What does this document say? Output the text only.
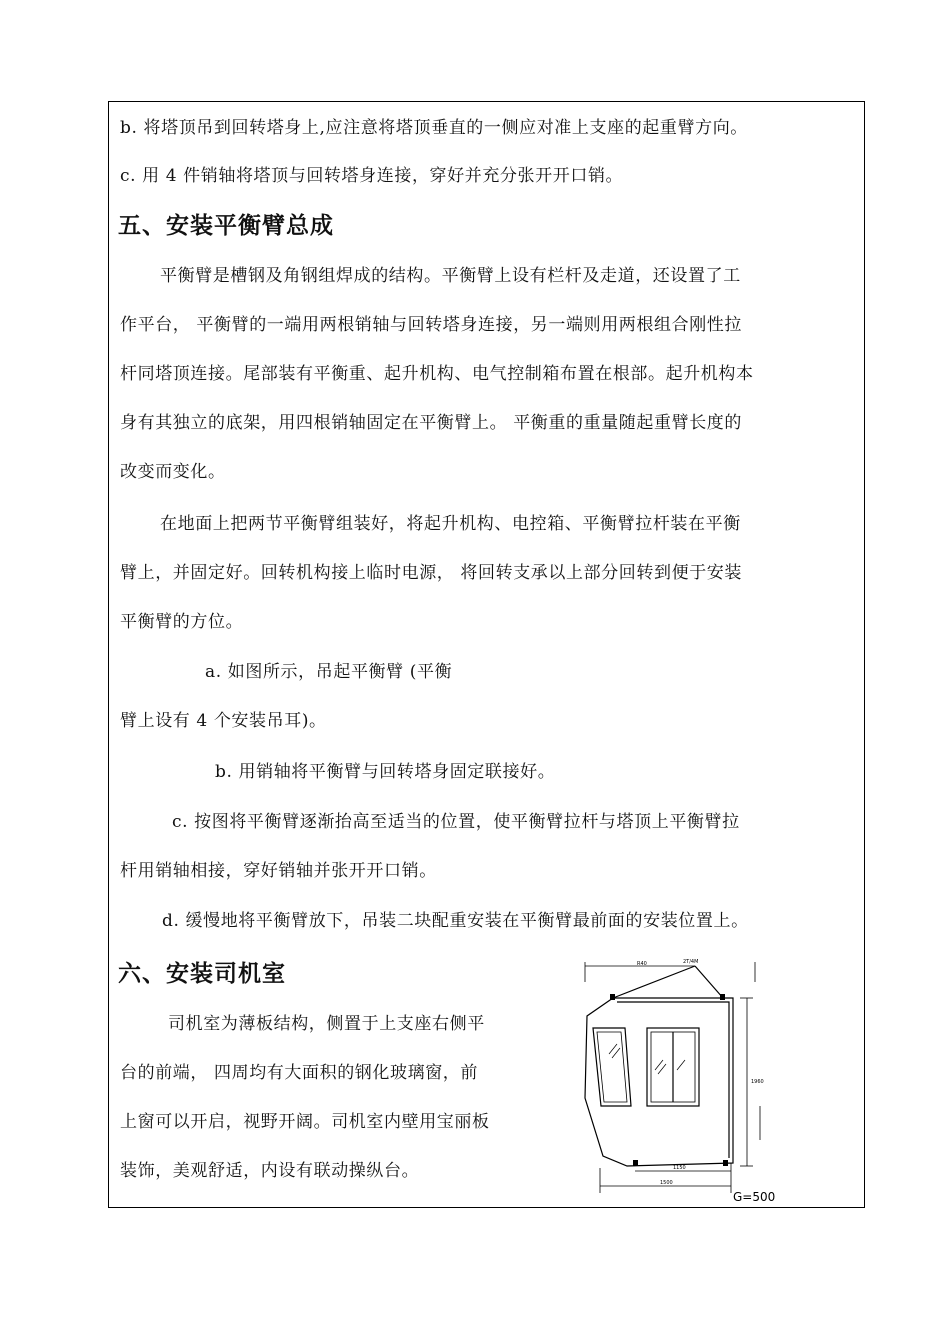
b. 将塔顶吊到回转塔身上,应注意将塔顶垂直的一侧应对准上支座的起重臂方向。
c. 用 4 件销轴将塔顶与回转塔身连接，穿好并充分张开开口销。
五、安装平衡臂总成
平衡臂是槽钢及角钢组焊成的结构。平衡臂上设有栏杆及走道，还设置了工
作平台， 平衡臂的一端用两根销轴与回转塔身连接，另一端则用两根组合刚性拉
杆同塔顶连接。尾部装有平衡重、起升机构、电气控制箱布置在根部。起升机构本
身有其独立的底架，用四根销轴固定在平衡臂上。 平衡重的重量随起重臂长度的
改变而变化。
在地面上把两节平衡臂组装好，将起升机构、电控箱、平衡臂拉杆装在平衡
臂上，并固定好。回转机构接上临时电源， 将回转支承以上部分回转到便于安装
平衡臂的方位。
a. 如图所示，吊起平衡臂 (平衡
臂上设有 4 个安装吊耳)。
b. 用销轴将平衡臂与回转塔身固定联接好。
c. 按图将平衡臂逐渐抬高至适当的位置，使平衡臂拉杆与塔顶上平衡臂拉
杆用销轴相接，穿好销轴并张开开口销。
d. 缓慢地将平衡臂放下，吊装二块配重安装在平衡臂最前面的安装位置上。
六、安装司机室
司机室为薄板结构，侧置于上支座右侧平
台的前端， 四周均有大面积的钢化玻璃窗，前
上窗可以开启，视野开阔。司机室内壁用宝丽板
装饰，美观舒适，内设有联动操纵台。
R40	2T/4M
1960
1150
1500
G=500
